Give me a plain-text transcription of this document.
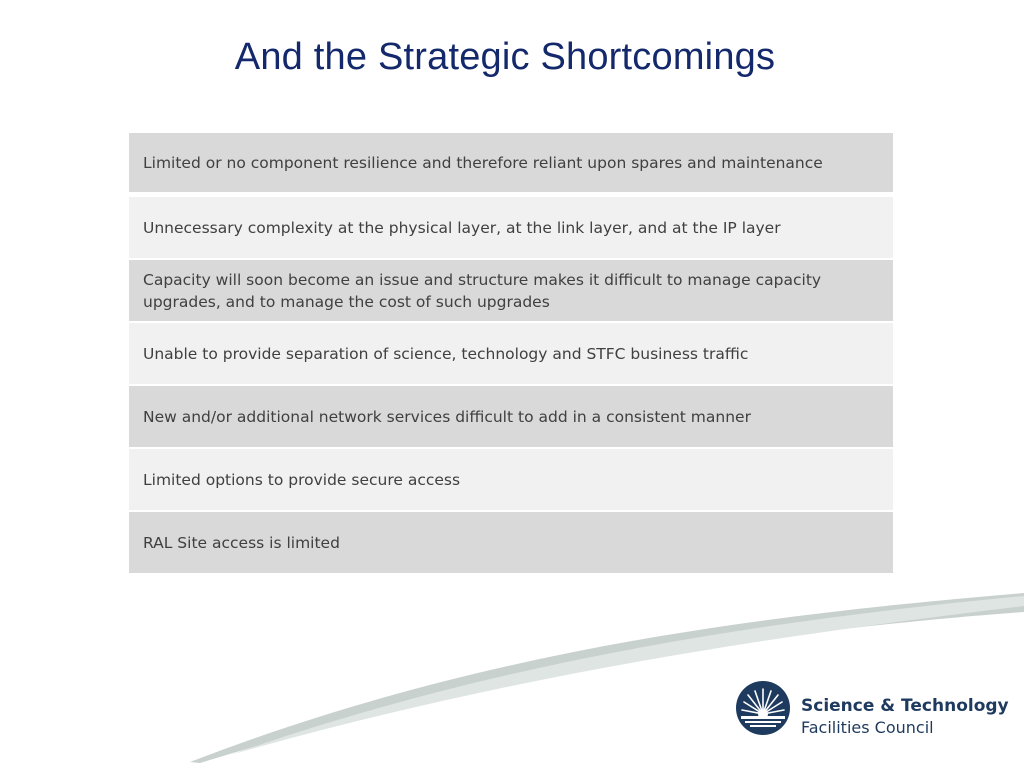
And the Strategic Shortcomings
Limited or no component resilience and therefore reliant upon spares and maintenance
Unnecessary complexity at the physical layer, at the link layer, and at the IP layer
Capacity will soon become an issue and structure makes it difficult to manage capacity upgrades, and to manage the cost of such upgrades
Unable to provide separation of science, technology and STFC business traffic
New and/or additional network services difficult to add in a consistent manner
Limited options to provide secure access
RAL Site access is limited
Science & Technology
Facilities Council
